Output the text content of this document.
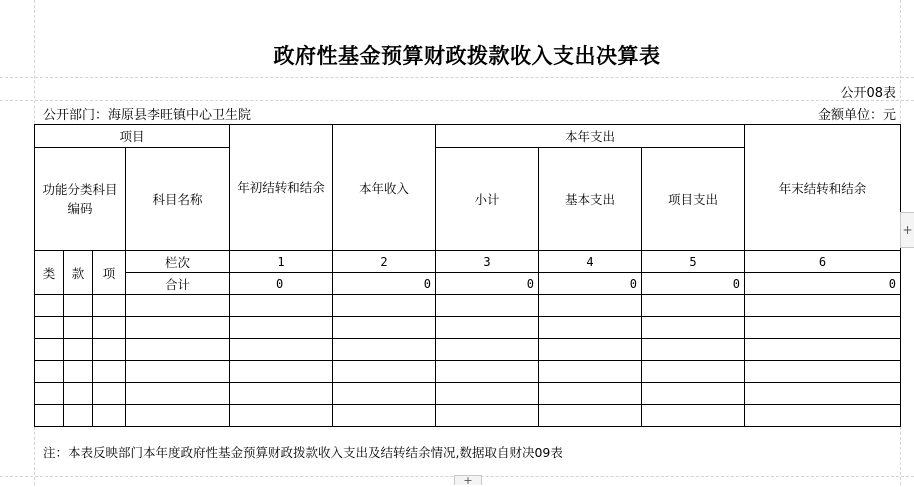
政府性基金预算财政拨款收入支出决算表
公开08表
公开部门：海原县李旺镇中心卫生院	金额单位：元
项目				年初结转和结余	本年收入	本年支出			年末结转和结余
功能分类科目编码			科目名称			小计	基本支出	项目支出	
类	款	项	栏次	1	2	3	4	5	6
			合计	0	0	0	0	0	0

注：本表反映部门本年度政府性基金预算财政拨款收入支出及结转结余情况,数据取自财决09表
+
+
